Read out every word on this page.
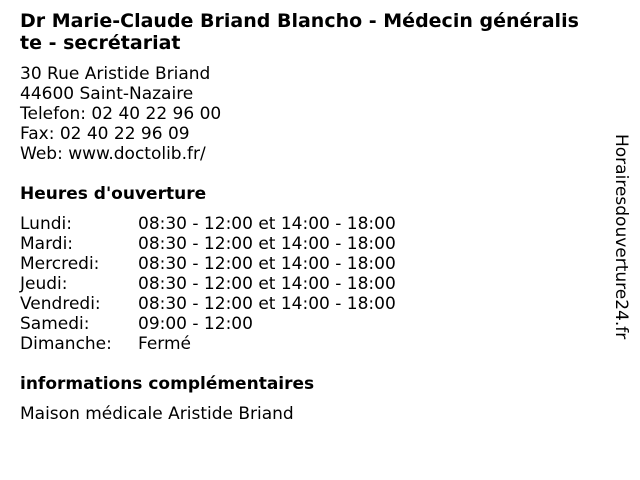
Dr Marie-Claude Briand Blancho - Médecin généraliste - secrétariat
30 Rue Aristide Briand
44600 Saint-Nazaire
Telefon: 02 40 22 96 00
Fax: 02 40 22 96 09
Web: www.doctolib.fr/
Heures d'ouverture
Lundi:	08:30 - 12:00 et 14:00 - 18:00
Mardi:	08:30 - 12:00 et 14:00 - 18:00
Mercredi:	08:30 - 12:00 et 14:00 - 18:00
Jeudi:	08:30 - 12:00 et 14:00 - 18:00
Vendredi:	08:30 - 12:00 et 14:00 - 18:00
Samedi:	09:00 - 12:00
Dimanche:	Fermé
informations complémentaires
Maison médicale Aristide Briand
Horairesdouverture24.fr
